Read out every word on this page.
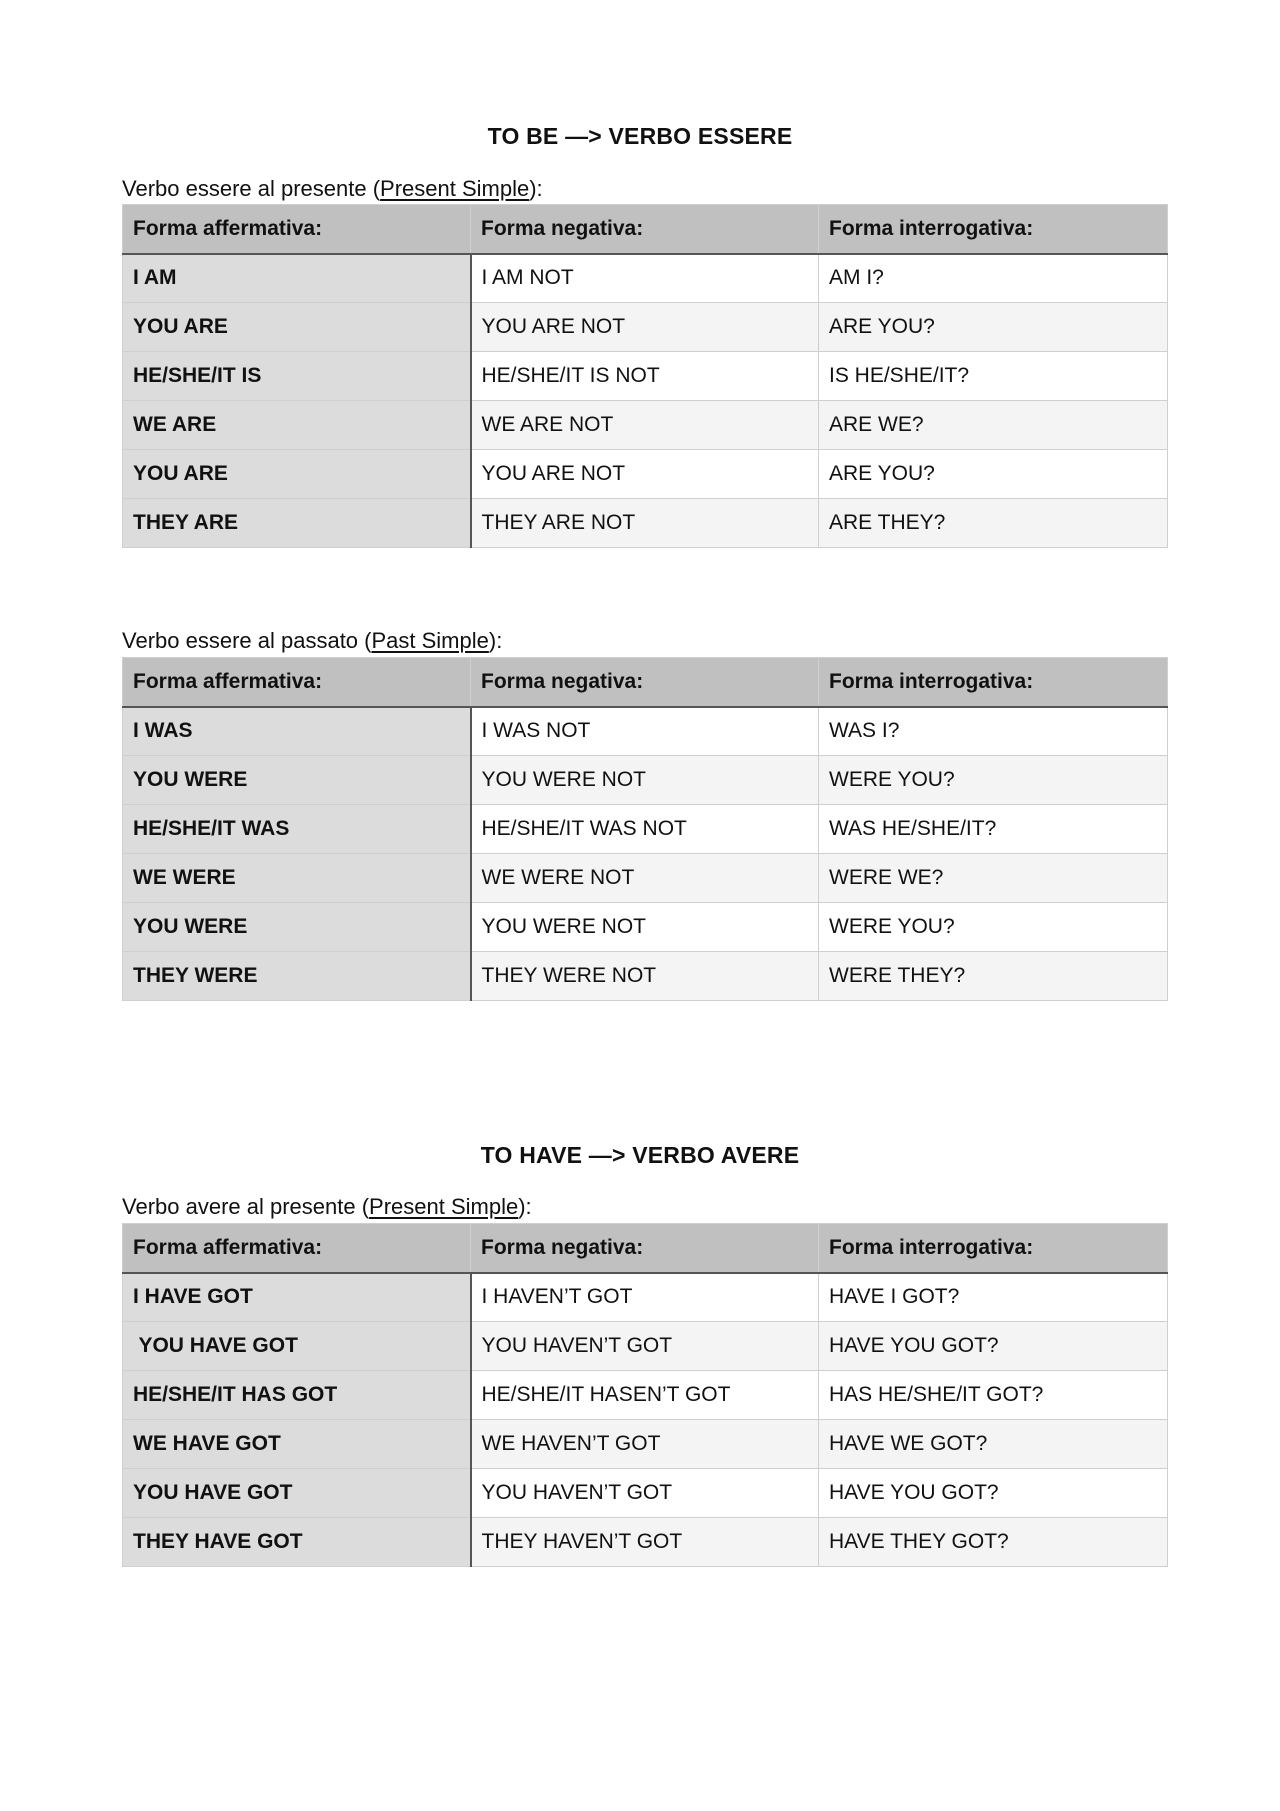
TO BE —> VERBO ESSERE
Verbo essere al presente (Present Simple):
Forma affermativa:	Forma negativa:	Forma interrogativa:
I AM	I AM NOT	AM I?
YOU ARE	YOU ARE NOT	ARE YOU?
HE/SHE/IT IS	HE/SHE/IT IS NOT	IS HE/SHE/IT?
WE ARE	WE ARE NOT	ARE WE?
YOU ARE	YOU ARE NOT	ARE YOU?
THEY ARE	THEY ARE NOT	ARE THEY?
Verbo essere al passato (Past Simple):
Forma affermativa:	Forma negativa:	Forma interrogativa:
I WAS	I WAS NOT	WAS I?
YOU WERE	YOU WERE NOT	WERE YOU?
HE/SHE/IT WAS	HE/SHE/IT WAS NOT	WAS HE/SHE/IT?
WE WERE	WE WERE NOT	WERE WE?
YOU WERE	YOU WERE NOT	WERE YOU?
THEY WERE	THEY WERE NOT	WERE THEY?
TO HAVE —> VERBO AVERE
Verbo avere al presente (Present Simple):
Forma affermativa:	Forma negativa:	Forma interrogativa:
I HAVE GOT	I HAVEN’T GOT	HAVE I GOT?
YOU HAVE GOT	YOU HAVEN’T GOT	HAVE YOU GOT?
HE/SHE/IT HAS GOT	HE/SHE/IT HASEN’T GOT	HAS HE/SHE/IT GOT?
WE HAVE GOT	WE HAVEN’T GOT	HAVE WE GOT?
YOU HAVE GOT	YOU HAVEN’T GOT	HAVE YOU GOT?
THEY HAVE GOT	THEY HAVEN’T GOT	HAVE THEY GOT?
